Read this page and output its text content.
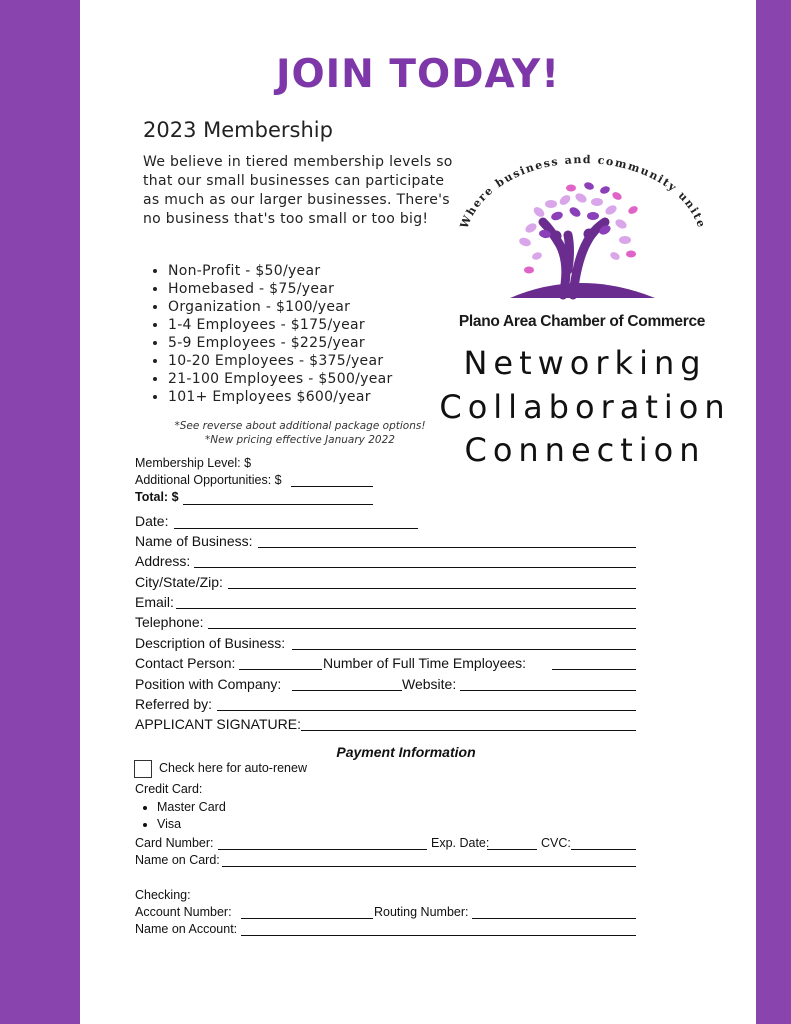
JOIN TODAY!
2023 Membership
We believe in tiered membership levels so that our small businesses can participate as much as our larger businesses. There's no business that's too small or too big!
• Non-Profit - $50/year
• Homebased - $75/year
• Organization - $100/year
• 1-4 Employees - $175/year
• 5-9 Employees - $225/year
• 10-20 Employees - $375/year
• 21-100 Employees - $500/year
• 101+ Employees $600/year
*See reverse about additional package options!
*New pricing effective January 2022
Where business and community unite
Plano Area Chamber of Commerce
Networking
Collaboration
Connection
Membership Level: $
Additional Opportunities: $
Total: $
Date:
Name of Business:
Address:
City/State/Zip:
Email:
Telephone:
Description of Business:
Contact Person:	Number of Full Time Employees:
Position with Company:	Website:
Referred by:
APPLICANT SIGNATURE:
Payment Information
Check here for auto-renew
Credit Card:
• Master Card
• Visa
Card Number:	Exp. Date:	CVC:
Name on Card:
Checking:
Account Number:	Routing Number:
Name on Account:
